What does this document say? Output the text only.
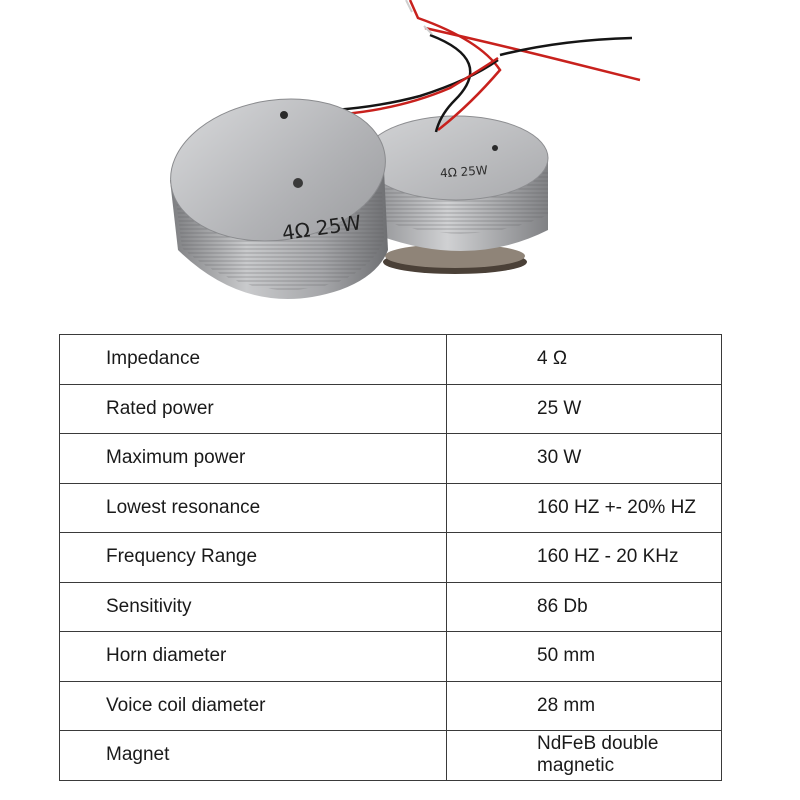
4Ω 25W
4Ω 25W
Impedance	4 Ω
Rated power	25 W
Maximum power	30 W
Lowest resonance	160 HZ +- 20% HZ
Frequency Range	160 HZ - 20 KHz
Sensitivity	86 Db
Horn diameter	50 mm
Voice coil diameter	28 mm
Magnet	NdFeB double magnetic
